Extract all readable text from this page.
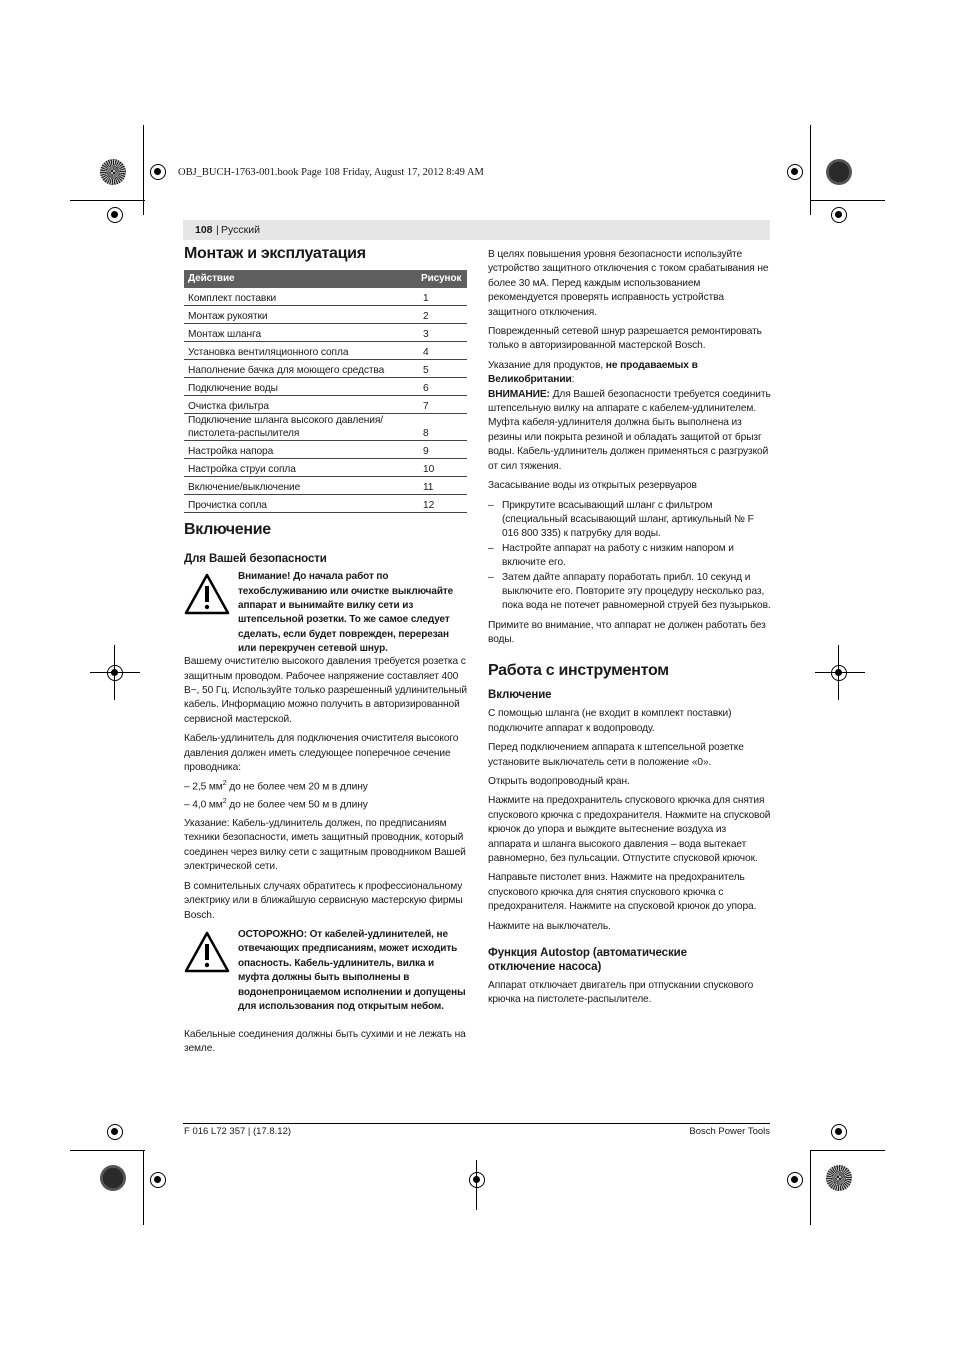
OBJ_BUCH-1763-001.book Page 108 Friday, August 17, 2012 8:49 AM
108 | Русский
Монтаж и эксплуатация
Действие	Рисунок
Комплект поставки	1
Монтаж рукоятки	2
Монтаж шланга	3
Установка вентиляционного сопла	4
Наполнение бачка для моющего средства	5
Подключение воды	6
Очистка фильтра	7
Подключение шланга высокого давления/ пистолета-распылителя	8
Настройка напора	9
Настройка струи сопла	10
Включение/выключение	11
Прочистка сопла	12
Включение
Для Вашей безопасности
Внимание! До начала работ по техобслуживанию или очистке выключайте аппарат и вынимайте вилку сети из штепсельной розетки. То же самое следует сделать, если будет поврежден, перерезан или перекручен сетевой шнур.

Вашему очистителю высокого давления требуется розетка с защитным проводом. Рабочее напряжение составляет 400 В~, 50 Гц. Используйте только разрешенный удлинительный кабель. Информацию можно получить в авторизированной сервисной мастерской.

Кабель-удлинитель для подключения очистителя высокого давления должен иметь следующее поперечное сечение проводника:

– 2,5 $мм^2$ до не более чем 20 м в длину
– 4,0 $мм^2$ до не более чем 50 м в длину

Указание: Кабель-удлинитель должен, по предписаниям техники безопасности, иметь защитный проводник, который соединен через вилку сети с защитным проводником Вашей электрической сети.

В сомнительных случаях обратитесь к профессиональному электрику или в ближайшую сервисную мастерскую фирмы Bosch.

ОСТОРОЖНО: От кабелей-удлинителей, не отвечающих предписаниям, может исходить опасность. Кабель-удлинитель, вилка и муфта должны быть выполнены в водонепроницаемом исполнении и допущены для использования под открытым небом.

Кабельные соединения должны быть сухими и не лежать на земле.

В целях повышения уровня безопасности используйте устройство защитного отключения с током срабатывания не более 30 мА. Перед каждым использованием рекомендуется проверять исправность устройства защитного отключения.

Поврежденный сетевой шнур разрешается ремонтировать только в авторизированной мастерской Bosch.

Указание для продуктов, не продаваемых в Великобритании:

ВНИМАНИЕ: Для Вашей безопасности требуется соединить штепсельную вилку на аппарате с кабелем-удлинителем. Муфта кабеля-удлинителя должна быть выполнена из резины или покрыта резиной и обладать защитой от брызг воды. Кабель-удлинитель должен применяться с разгрузкой от сил тяжения.

Засасывание воды из открытых резервуаров

– Прикрутите всасывающий шланг с фильтром (специальный всасывающий шланг, артикульный № F 016 800 335) к патрубку для воды.
– Настройте аппарат на работу с низким напором и включите его.
– Затем дайте аппарату поработать прибл. 10 секунд и выключите его. Повторите эту процедуру несколько раз, пока вода не потечет равномерной струей без пузырьков.

Примите во внимание, что аппарат не должен работать без воды.

Работа с инструментом
Включение

С помощью шланга (не входит в комплект поставки) подключите аппарат к водопроводу.

Перед подключением аппарата к штепсельной розетке установите выключатель сети в положение «0».

Открыть водопроводный кран.

Нажмите на предохранитель спускового крючка для снятия спускового крючка с предохранителя. Нажмите на спусковой крючок до упора и выждите вытеснение воздуха из аппарата и шланга высокого давления – вода вытекает равномерно, без пульсации. Отпустите спусковой крючок.

Направьте пистолет вниз. Нажмите на предохранитель спускового крючка для снятия спускового крючка с предохранителя. Нажмите на спусковой крючок до упора.

Нажмите на выключатель.

Функция Autostop (автоматические отключение насоса)

Аппарат отключает двигатель при отпускании спускового крючка на пистолете-распылителе.

F 016 L72 357 | (17.8.12)	Bosch Power Tools
